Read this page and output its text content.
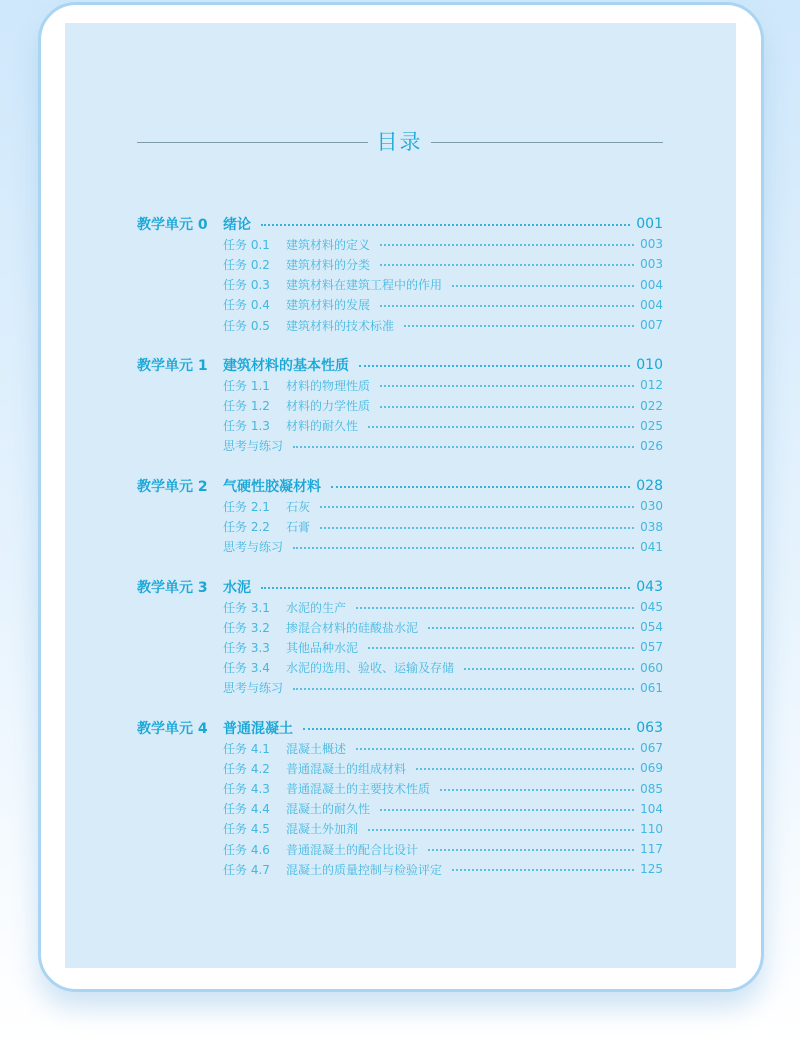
目录
教学单元 0	绪论	001
任务 0.1	建筑材料的定义	003
任务 0.2	建筑材料的分类	003
任务 0.3	建筑材料在建筑工程中的作用	004
任务 0.4	建筑材料的发展	004
任务 0.5	建筑材料的技术标准	007
教学单元 1	建筑材料的基本性质	010
任务 1.1	材料的物理性质	012
任务 1.2	材料的力学性质	022
任务 1.3	材料的耐久性	025
思考与练习	026
教学单元 2	气硬性胶凝材料	028
任务 2.1	石灰	030
任务 2.2	石膏	038
思考与练习	041
教学单元 3	水泥	043
任务 3.1	水泥的生产	045
任务 3.2	掺混合材料的硅酸盐水泥	054
任务 3.3	其他品种水泥	057
任务 3.4	水泥的选用、验收、运输及存储	060
思考与练习	061
教学单元 4	普通混凝土	063
任务 4.1	混凝土概述	067
任务 4.2	普通混凝土的组成材料	069
任务 4.3	普通混凝土的主要技术性质	085
任务 4.4	混凝土的耐久性	104
任务 4.5	混凝土外加剂	110
任务 4.6	普通混凝土的配合比设计	117
任务 4.7	混凝土的质量控制与检验评定	125
